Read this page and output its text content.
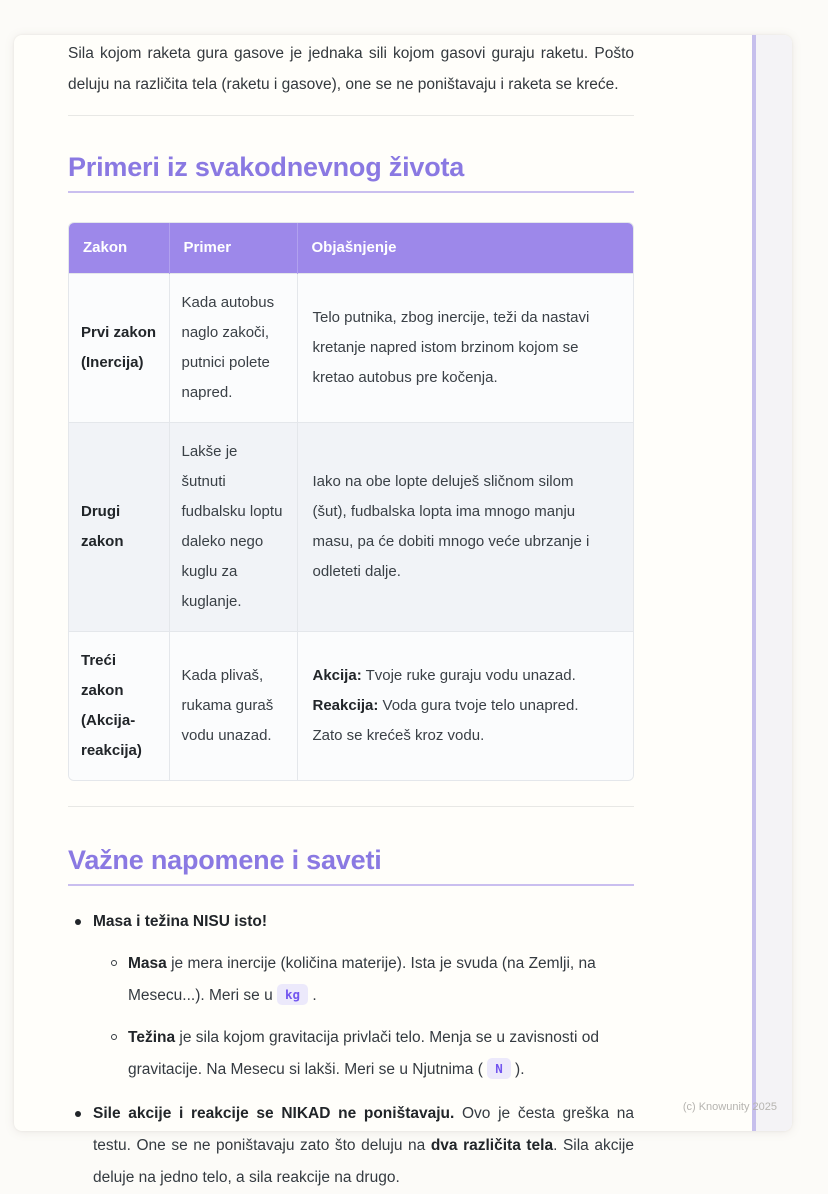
Sila kojom raketa gura gasove je jednaka sili kojom gasovi guraju raketu. Pošto deluju na različita tela (raketu i gasove), one se ne poništavaju i raketa se kreće.

Primeri iz svakodnevnog života
Zakon	Primer	Objašnjenje
Prvi zakon (Inercija)	Kada autobus naglo zakoči, putnici polete napred.	Telo putnika, zbog inercije, teži da nastavi kretanje napred istom brzinom kojom se kretao autobus pre kočenja.
Drugi zakon	Lakše je šutnuti fudbalsku loptu daleko nego kuglu za kuglanje.	Iako na obe lopte deluješ sličnom silom (šut), fudbalska lopta ima mnogo manju masu, pa će dobiti mnogo veće ubrzanje i odleteti dalje.
Treći zakon (Akcija-reakcija)	Kada plivaš, rukama guraš vodu unazad.	Akcija: Tvoje ruke guraju vodu unazad. Reakcija: Voda gura tvoje telo unapred. Zato se krećeš kroz vodu.
Važne napomene i saveti
Masa i težina NISU isto!
Masa je mera inercije (količina materije). Ista je svuda (na Zemlji, na Mesecu...). Meri se u kg .
Težina je sila kojom gravitacija privlači telo. Menja se u zavisnosti od gravitacije. Na Mesecu si lakši. Meri se u Njutnima ( N ).
Sile akcije i reakcije se NIKAD ne poništavaju. Ovo je česta greška na testu. One se ne poništavaju zato što deluju na dva različita tela. Sila akcije deluje na jedno telo, a sila reakcije na drugo.
(c) Knowunity 2025
